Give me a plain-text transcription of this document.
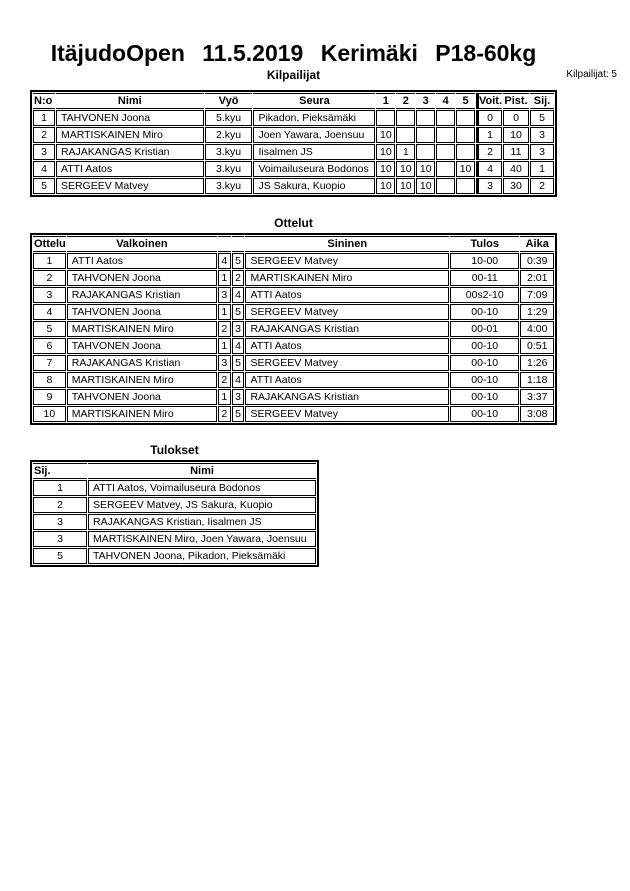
Kilpailijat: 5
ItäjudoOpen 11.5.2019 Kerimäki P18-60kg
Kilpailijat
N:o	Nimi	Vyö	Seura	1	2	3	4	5	Voit.	Pist.	Sij.
1	TAHVONEN Joona	5.kyu	Pikadon, Pieksämäki						0	0	5
2	MARTISKAINEN Miro	2.kyu	Joen Yawara, Joensuu	10					1	10	3
3	RAJAKANGAS Kristian	3.kyu	Iisalmen JS	10	1				2	11	3
4	ATTI Aatos	3.kyu	Voimailuseura Bodonos	10	10	10		10	4	40	1
5	SERGEEV Matvey	3.kyu	JS Sakura, Kuopio	10	10	10			3	30	2
Ottelut
Ottelu	Valkoinen			Sininen	Tulos	Aika
1	ATTI Aatos	4	5	SERGEEV Matvey	10-00	0:39
2	TAHVONEN Joona	1	2	MARTISKAINEN Miro	00-11	2:01
3	RAJAKANGAS Kristian	3	4	ATTI Aatos	00s2-10	7:09
4	TAHVONEN Joona	1	5	SERGEEV Matvey	00-10	1:29
5	MARTISKAINEN Miro	2	3	RAJAKANGAS Kristian	00-01	4:00
6	TAHVONEN Joona	1	4	ATTI Aatos	00-10	0:51
7	RAJAKANGAS Kristian	3	5	SERGEEV Matvey	00-10	1:26
8	MARTISKAINEN Miro	2	4	ATTI Aatos	00-10	1:18
9	TAHVONEN Joona	1	3	RAJAKANGAS Kristian	00-10	3:37
10	MARTISKAINEN Miro	2	5	SERGEEV Matvey	00-10	3:08
Tulokset
Sij.	Nimi
1	ATTI Aatos, Voimailuseura Bodonos
2	SERGEEV Matvey, JS Sakura, Kuopio
3	RAJAKANGAS Kristian, Iisalmen JS
3	MARTISKAINEN Miro, Joen Yawara, Joensuu
5	TAHVONEN Joona, Pikadon, Pieksämäki
